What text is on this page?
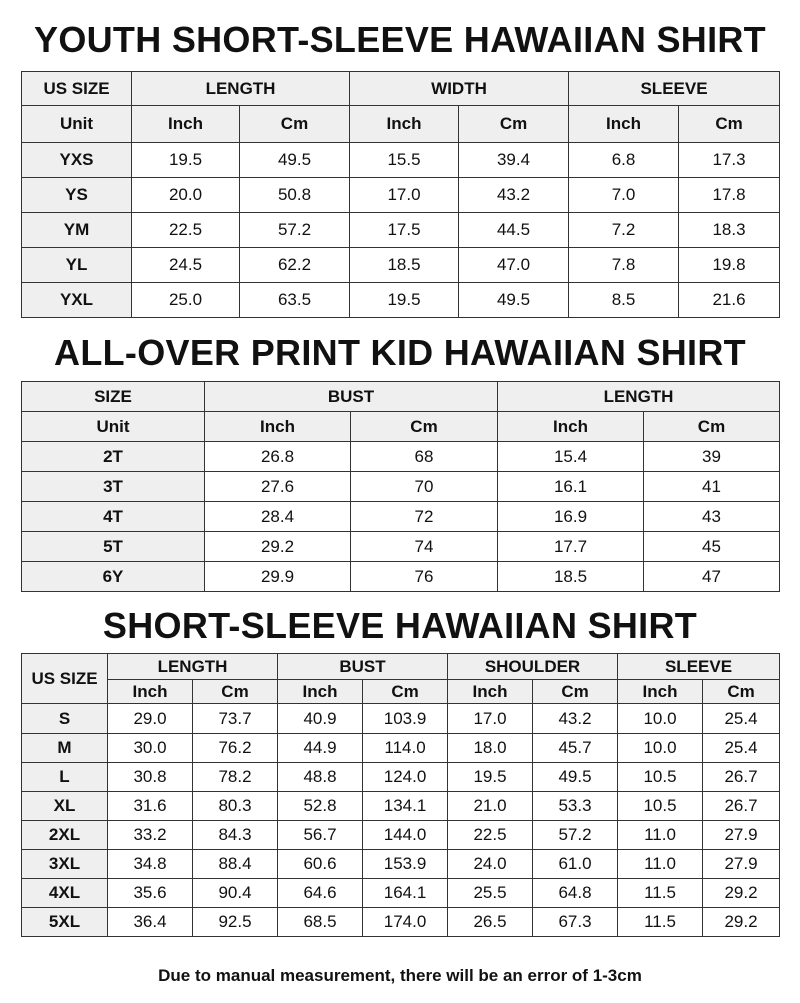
YOUTH SHORT-SLEEVE HAWAIIAN SHIRT
US SIZE	LENGTH		WIDTH		SLEEVE	
Unit	Inch	Cm	Inch	Cm	Inch	Cm
YXS	19.5	49.5	15.5	39.4	6.8	17.3
YS	20.0	50.8	17.0	43.2	7.0	17.8
YM	22.5	57.2	17.5	44.5	7.2	18.3
YL	24.5	62.2	18.5	47.0	7.8	19.8
YXL	25.0	63.5	19.5	49.5	8.5	21.6
ALL-OVER PRINT KID HAWAIIAN SHIRT
SIZE	BUST		LENGTH	
Unit	Inch	Cm	Inch	Cm
2T	26.8	68	15.4	39
3T	27.6	70	16.1	41
4T	28.4	72	16.9	43
5T	29.2	74	17.7	45
6Y	29.9	76	18.5	47
SHORT-SLEEVE HAWAIIAN SHIRT
US SIZE	LENGTH		BUST		SHOULDER		SLEEVE	
	Inch	Cm	Inch	Cm	Inch	Cm	Inch	Cm
S	29.0	73.7	40.9	103.9	17.0	43.2	10.0	25.4
M	30.0	76.2	44.9	114.0	18.0	45.7	10.0	25.4
L	30.8	78.2	48.8	124.0	19.5	49.5	10.5	26.7
XL	31.6	80.3	52.8	134.1	21.0	53.3	10.5	26.7
2XL	33.2	84.3	56.7	144.0	22.5	57.2	11.0	27.9
3XL	34.8	88.4	60.6	153.9	24.0	61.0	11.0	27.9
4XL	35.6	90.4	64.6	164.1	25.5	64.8	11.5	29.2
5XL	36.4	92.5	68.5	174.0	26.5	67.3	11.5	29.2
Due to manual measurement, there will be an error of 1-3cm
